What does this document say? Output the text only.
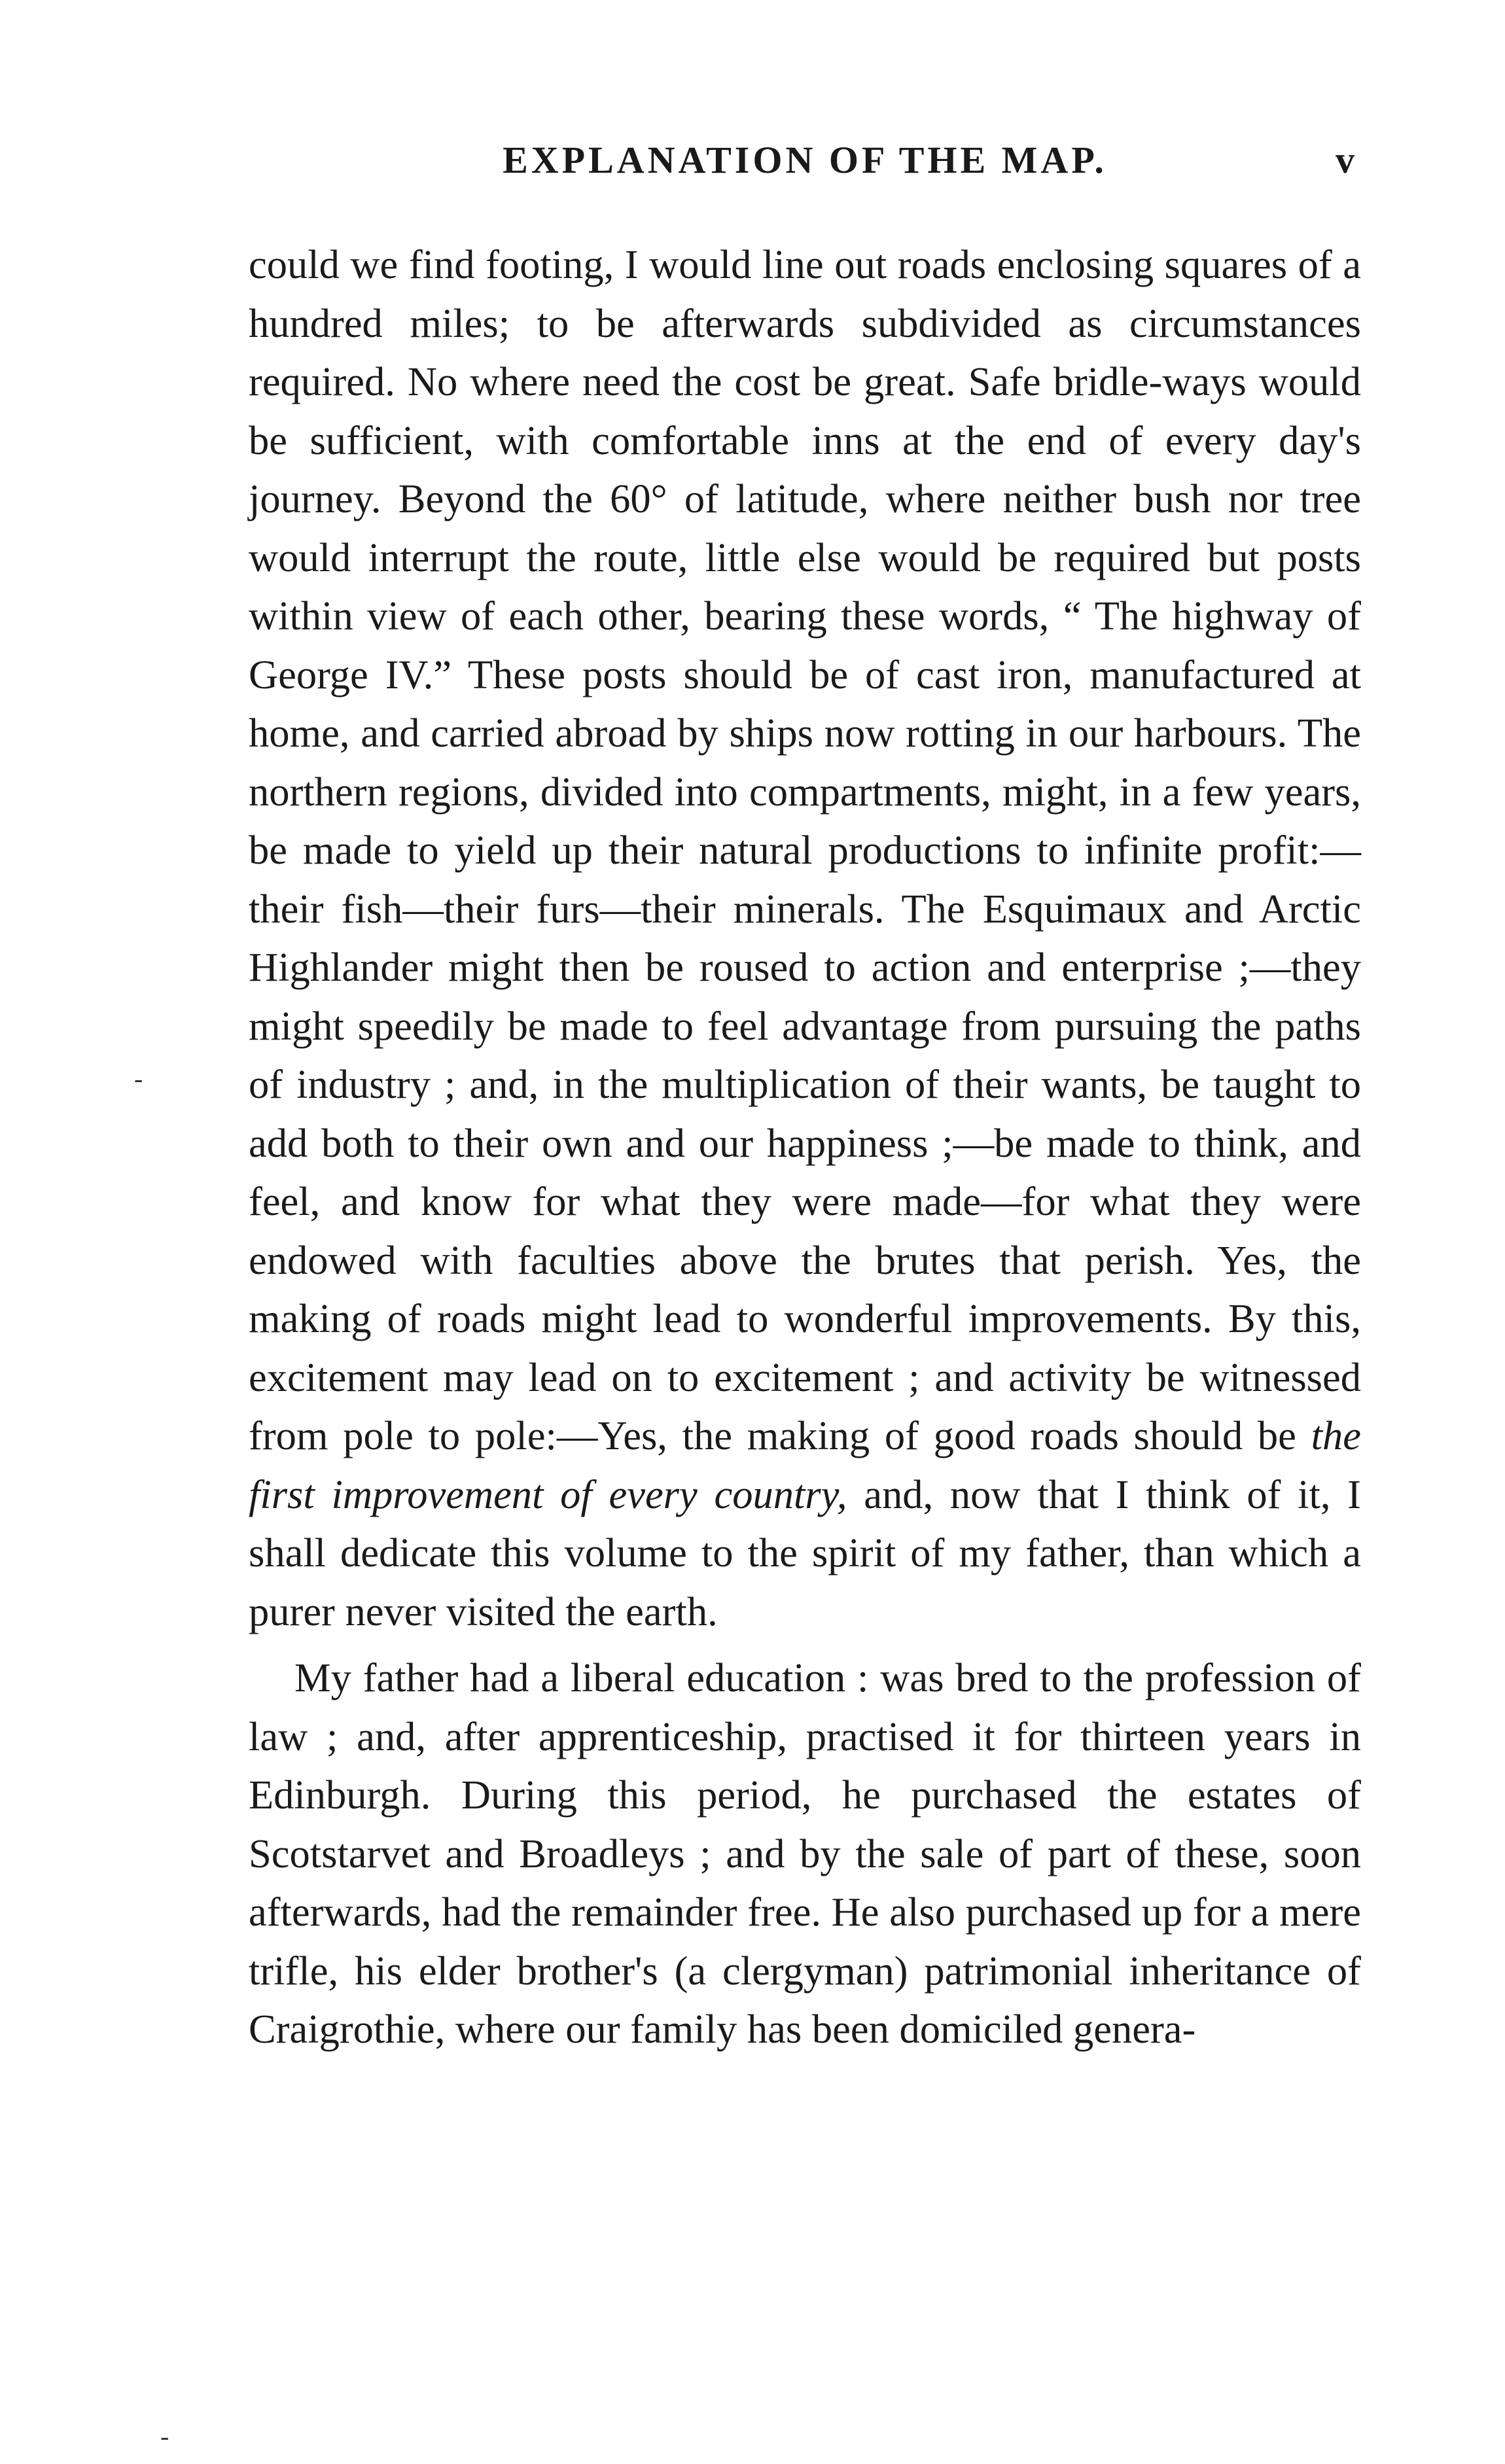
EXPLANATION OF THE MAP.	v

could we find footing, I would line out roads enclosing squares of a hundred miles; to be afterwards subdivided as circumstances required. No where need the cost be great. Safe bridle-ways would be sufficient, with comfortable inns at the end of every day's journey. Beyond the 60° of latitude, where neither bush nor tree would interrupt the route, little else would be required but posts within view of each other, bearing these words, “ The highway of George IV.” These posts should be of cast iron, manufactured at home, and carried abroad by ships now rotting in our harbours. The northern regions, divided into compartments, might, in a few years, be made to yield up their natural productions to infinite profit:—their fish—their furs—their minerals. The Esquimaux and Arctic Highlander might then be roused to action and enterprise ;—they might speedily be made to feel advantage from pursuing the paths of industry ; and, in the multiplication of their wants, be taught to add both to their own and our happiness ;—be made to think, and feel, and know for what they were made—for what they were endowed with faculties above the brutes that perish. Yes, the making of roads might lead to wonderful improvements. By this, excitement may lead on to excitement ; and activity be witnessed from pole to pole:—Yes, the making of good roads should be the first improvement of every country, and, now that I think of it, I shall dedicate this volume to the spirit of my father, than which a purer never visited the earth.

My father had a liberal education : was bred to the profession of law ; and, after apprenticeship, practised it for thirteen years in Edinburgh. During this period, he purchased the estates of Scotstarvet and Broadleys ; and by the sale of part of these, soon afterwards, had the remainder free. He also purchased up for a mere trifle, his elder brother's (a clergyman) patrimonial inheritance of Craigrothie, where our family has been domiciled genera-

-
-
